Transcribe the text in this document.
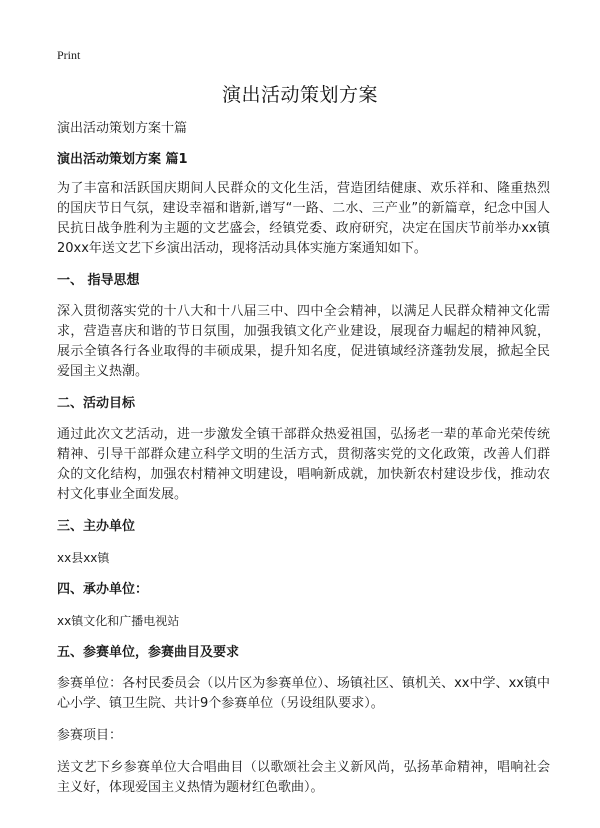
Print
演出活动策划方案

演出活动策划方案十篇

演出活动策划方案 篇1

为了丰富和活跃国庆期间人民群众的文化生活，营造团结健康、欢乐祥和、隆重热烈的国庆节日气氛，建设幸福和谐新,谱写“一路、二水、三产业”的新篇章，纪念中国人民抗日战争胜利为主题的文艺盛会，经镇党委、政府研究，决定在国庆节前举办xx镇20xx年送文艺下乡演出活动，现将活动具体实施方案通知如下。

一、 指导思想

深入贯彻落实党的十八大和十八届三中、四中全会精神，以满足人民群众精神文化需求，营造喜庆和谐的节日氛围，加强我镇文化产业建设，展现奋力崛起的精神风貌，展示全镇各行各业取得的丰硕成果，提升知名度，促进镇域经济蓬勃发展，掀起全民爱国主义热潮。

二、活动目标

通过此次文艺活动，进一步激发全镇干部群众热爱祖国，弘扬老一辈的革命光荣传统精神、引导干部群众建立科学文明的生活方式，贯彻落实党的文化政策，改善人们群众的文化结构，加强农村精神文明建设，唱响新成就，加快新农村建设步伐，推动农村文化事业全面发展。

三、主办单位

xx县xx镇

四、承办单位：

xx镇文化和广播电视站

五、参赛单位，参赛曲目及要求

参赛单位：各村民委员会（以片区为参赛单位）、场镇社区、镇机关、xx中学、xx镇中心小学、镇卫生院、共计9个参赛单位（另设组队要求）。

参赛项目：

送文艺下乡参赛单位大合唱曲目（以歌颂社会主义新风尚，弘扬革命精神，唱响社会主义好，体现爱国主义热情为题材红色歌曲）。
